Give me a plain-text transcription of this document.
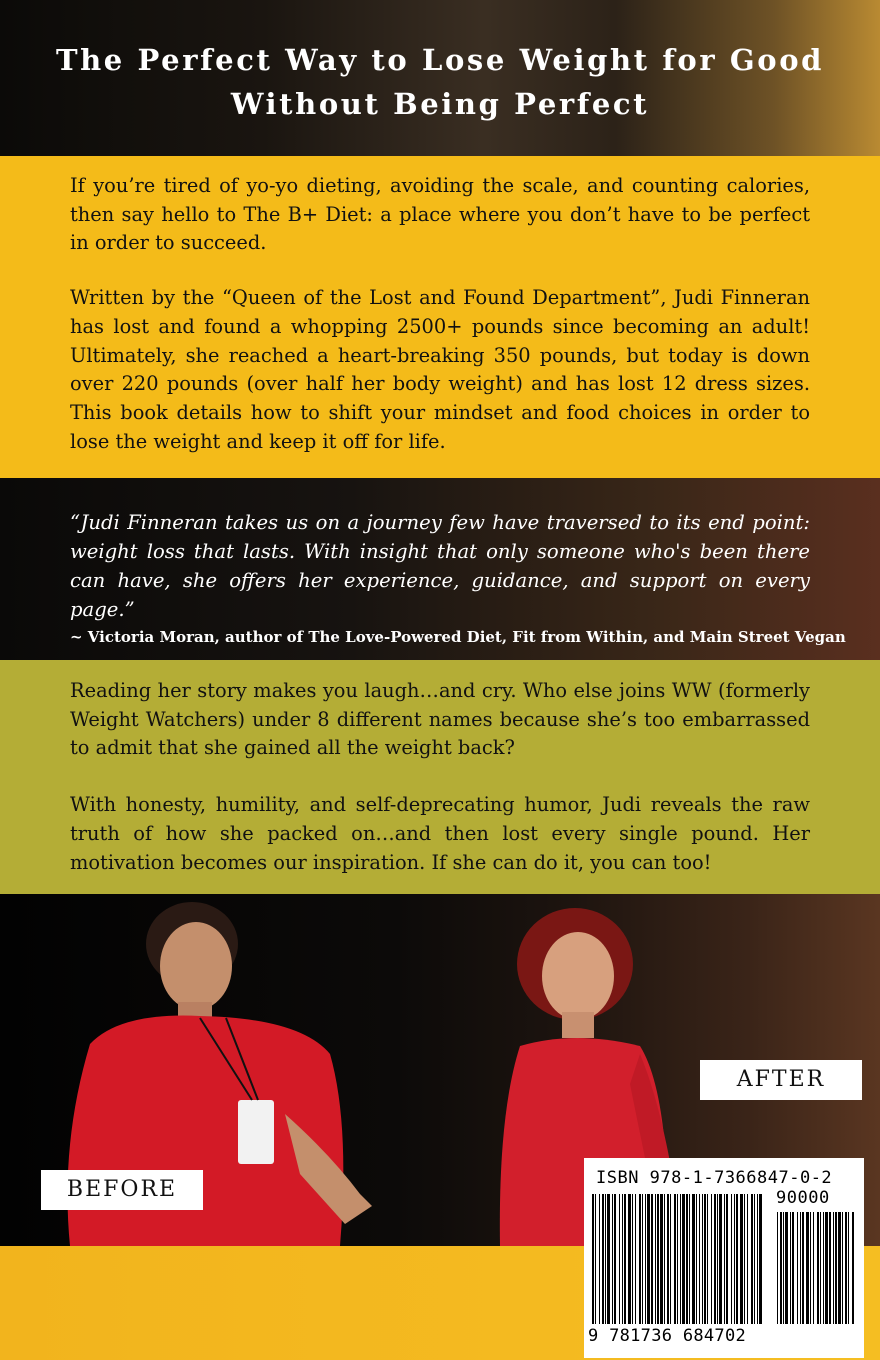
The Perfect Way to Lose Weight for Good
Without Being Perfect

If you’re tired of yo-yo dieting, avoiding the scale, and counting calories, then say hello to The B+ Diet: a place where you don’t have to be perfect in order to succeed.

Written by the “Queen of the Lost and Found Department”, Judi Finneran has lost and found a whopping 2500+ pounds since becoming an adult! Ultimately, she reached a heart-breaking 350 pounds, but today is down over 220 pounds (over half her body weight) and has lost 12 dress sizes. This book details how to shift your mindset and food choices in order to lose the weight and keep it off for life.

“Judi Finneran takes us on a journey few have traversed to its end point: weight loss that lasts. With insight that only someone who's been there can have, she offers her experience, guidance, and support on every page.”

~ Victoria Moran, author of The Love-Powered Diet, Fit from Within, and Main Street Vegan

Reading her story makes you laugh…and cry. Who else joins WW (formerly Weight Watchers) under 8 different names because she’s too embarrassed to admit that she gained all the weight back?

With honesty, humility, and self-deprecating humor, Judi reveals the raw truth of how she packed on…and then lost every single pound. Her motivation becomes our inspiration. If she can do it, you can too!

AFTER
BEFORE	ISBN 978-1-7366847-0-2
90000
9 781736 684702
